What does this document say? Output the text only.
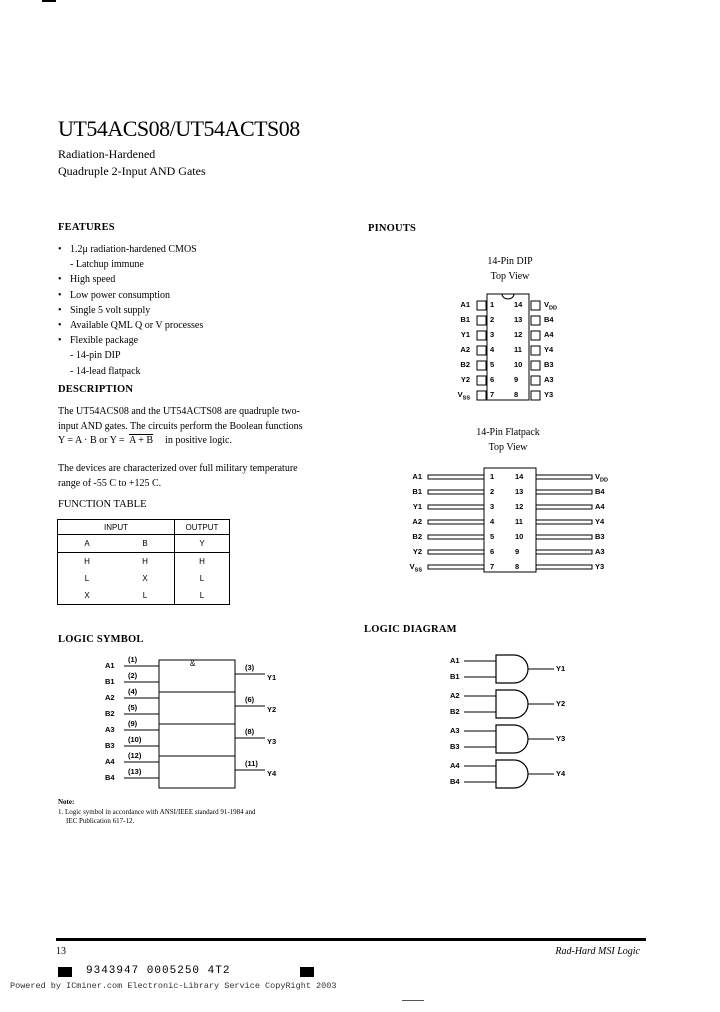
UT54ACS08/UT54ACTS08
Radiation-Hardened
Quadruple 2-Input AND Gates
FEATURES
• 1.2μ radiation-hardened CMOS
- Latchup immune
• High speed
• Low power consumption
• Single 5 volt supply
• Available QML Q or V processes
• Flexible package
- 14-pin DIP
- 14-lead flatpack
DESCRIPTION
The UT54ACS08 and the UT54ACTS08 are quadruple two-
input AND gates. The circuits perform the Boolean functions
Y = A · B or Y = A + B in positive logic.
The devices are characterized over full military temperature
range of -55 C to +125 C.
FUNCTION TABLE
INPUT		OUTPUT
A	B	Y
H	H	H
L	X	L
X	L	L
PINOUTS
14-Pin DIP
Top View
14-Pin Flatpack
Top View
LOGIC SYMBOL
&
LOGIC DIAGRAM
Note:
1. Logic symbol in accordance with ANSI/IEEE standard 91-1984 and
IEC Publication 617-12.
13	Rad-Hard MSI Logic
9343947 0005250 4T2
Powered by ICminer.com Electronic-Library Service CopyRight 2003
A1	1
B1	2
Y1	3
A2	4
B2	5
Y2	6
$V_{SS}$	7
14	$V_{DD}$
13	B4
12	A4
11	Y4
10	B3
9	A3
8	Y3
A1	1
B1	2
Y1	3
A2	4
B2	5
Y2	6
$V_{SS}$	7
14	$V_{DD}$
13	B4
12	A4
11	Y4
10	B3
9	A3
8	Y3
A1
(1)
B1
(2)
A2
(4)
B2
(5)
A3
(9)
B3
(10)
A4
(12)
B4
(13)
(3)
Y1
(6)
Y2
(8)
Y3
(11)
Y4
A1
B1
Y1
A2
B2
Y2
A3
B3
Y3
A4
B4
Y4
